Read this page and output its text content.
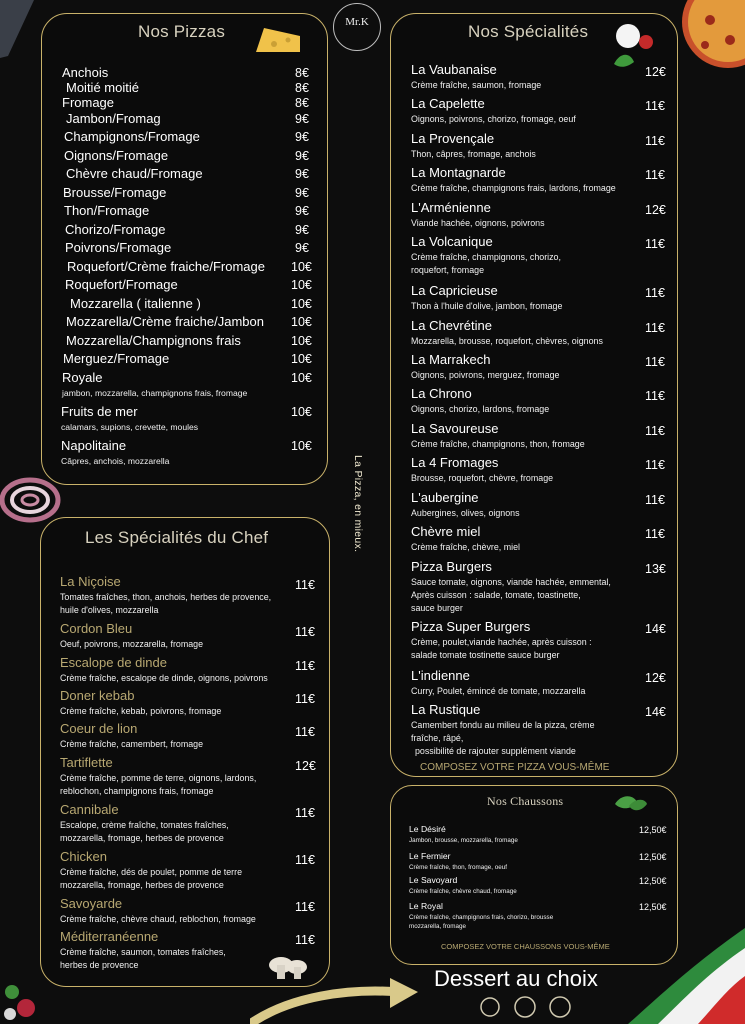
Mr.K
La Pizza, en mieux.
Nos Pizzas
Anchois	8€
Moitié moitié	8€
Fromage	8€
Jambon/Fromag	9€
Champignons/Fromage	9€
Oignons/Fromage	9€
Chèvre chaud/Fromage	9€
Brousse/Fromage	9€
Thon/Fromage	9€
Chorizo/Fromage	9€
Poivrons/Fromage	9€
Roquefort/Crème fraiche/Fromage 10€
Roquefort/Fromage	10€
Mozzarella ( italienne )	10€
Mozzarella/Crème fraiche/Jambon 10€
Mozzarella/Champignons frais	10€
Merguez/Fromage	10€
Royale	10€
jambon, mozzarella, champignons frais, fromage
Fruits de mer	10€
calamars, supions, crevette, moules
Napolitaine	10€
Câpres, anchois, mozzarella
Les Spécialités du Chef
La Niçoise	11€
Tomates fraîches, thon, anchois, herbes de provence,
huile d'olives, mozzarella
Cordon Bleu	11€
Oeuf, poivrons, mozzarella, fromage
Escalope de dinde	11€
Crème fraîche, escalope de dinde, oignons, poivrons
Doner kebab	11€
Crème fraîche, kebab, poivrons, fromage
Coeur de lion	11€
Crème fraîche, camembert, fromage
Tartiflette	12€
Crème fraîche, pomme de terre, oignons, lardons,
reblochon, champignons frais, fromage
Cannibale	11€
Escalope, crème fraîche, tomates fraîches,
mozzarella, fromage, herbes de provence
Chicken	11€
Crème fraîche, dés de poulet, pomme de terre
mozzarella, fromage, herbes de provence
Savoyarde	11€
Crème fraîche, chèvre chaud, reblochon, fromage
Méditerranéenne	11€
Crème fraîche, saumon, tomates fraîches,
herbes de provence
Nos Spécialités
La Vaubanaise	12€
Crème fraîche, saumon, fromage
La Capelette	11€
Oignons, poivrons, chorizo, fromage, oeuf
La Provençale	11€
Thon, câpres, fromage, anchois
La Montagnarde	11€
Crème fraîche, champignons frais, lardons, fromage
L'Arménienne	12€
Viande hachée, oignons, poivrons
La Volcanique	11€
Crème fraîche, champignons, chorizo,
roquefort, fromage
La Capricieuse	11€
Thon à l'huile d'olive, jambon, fromage
La Chevrétine	11€
Mozzarella, brousse, roquefort, chèvres, oignons
La Marrakech	11€
Oignons, poivrons, merguez, fromage
La Chrono	11€
Oignons, chorizo, lardons, fromage
La Savoureuse	11€
Crème fraîche, champignons, thon, fromage
La 4 Fromages	11€
Brousse, roquefort, chèvre, fromage
L'aubergine	11€
Aubergines, olives, oignons
Chèvre miel	11€
Crème fraîche, chèvre, miel
Pizza Burgers	13€
Sauce tomate, oignons, viande hachée, emmental,
Après cuisson : salade, tomate, toastinette,
sauce burger
Pizza Super Burgers	14€
Crème, poulet,viande hachée, après cuisson :
salade tomate tostinette sauce burger
L'indienne	12€
Curry, Poulet, émincé de tomate, mozzarella
La Rustique	14€
Camembert fondu au milieu de la pizza, crème
fraîche, râpé,
possibilité de rajouter supplément viande
COMPOSEZ VOTRE PIZZA VOUS-MÊME
Nos Chaussons
Le Désiré	12,50€
Jambon, brousse, mozzarella, fromage
Le Fermier	12,50€
Crème fraîche, thon, fromage, oeuf
Le Savoyard	12,50€
Crème fraîche, chèvre chaud, fromage
Le Royal	12,50€
Crème fraîche, champignons frais, chorizo, brousse
mozzarella, fromage
COMPOSEZ VOTRE CHAUSSONS VOUS-MÊME
Dessert au choix
